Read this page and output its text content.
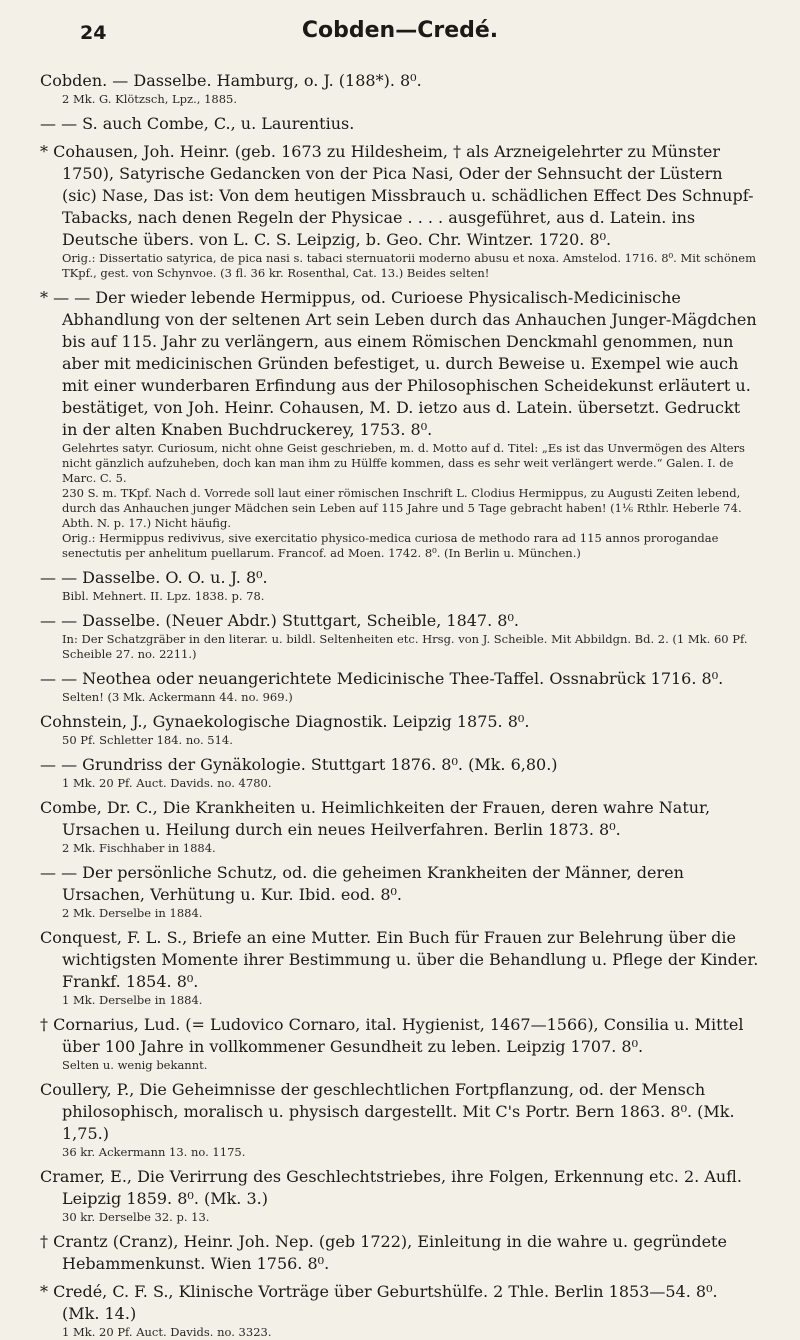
24	Cobden—Credé.
Cobden. — Dasselbe. Hamburg, o. J. (188*). 8⁰.
2 Mk. G. Klötzsch, Lpz., 1885.
— — S. auch Combe, C., u. Laurentius.
* Cohausen, Joh. Heinr. (geb. 1673 zu Hildesheim, † als Arzneigelehrter zu Münster 1750), Satyrische Gedancken von der Pica Nasi, Oder der Sehnsucht der Lüstern (sic) Nase, Das ist: Von dem heutigen Missbrauch u. schädlichen Effect Des Schnupf-Tabacks, nach denen Regeln der Physicae . . . . ausgeführet, aus d. Latein. ins Deutsche übers. von L. C. S. Leipzig, b. Geo. Chr. Wintzer. 1720. 8⁰.
Orig.: Dissertatio satyrica, de pica nasi s. tabaci sternuatorii moderno abusu et noxa. Amstelod. 1716. 8⁰. Mit schönem TKpf., gest. von Schynvoe. (3 fl. 36 kr. Rosenthal, Cat. 13.) Beides selten!
* — — Der wieder lebende Hermippus, od. Curioese Physicalisch-Medicinische Abhandlung von der seltenen Art sein Leben durch das Anhauchen Junger-Mägdchen bis auf 115. Jahr zu verlängern, aus einem Römischen Denckmahl genommen, nun aber mit medicinischen Gründen befestiget, u. durch Beweise u. Exempel wie auch mit einer wunderbaren Erfindung aus der Philosophischen Scheidekunst erläutert u. bestätiget, von Joh. Heinr. Cohausen, M. D. ietzo aus d. Latein. übersetzt. Gedruckt in der alten Knaben Buchdruckerey, 1753. 8⁰.
Gelehrtes satyr. Curiosum, nicht ohne Geist geschrieben, m. d. Motto auf d. Titel: „Es ist das Unvermögen des Alters nicht gänzlich aufzuheben, doch kan man ihm zu Hülffe kommen, dass es sehr weit verlängert werde.“ Galen. I. de Marc. C. 5.
230 S. m. TKpf. Nach d. Vorrede soll laut einer römischen Inschrift L. Clodius Hermippus, zu Augusti Zeiten lebend, durch das Anhauchen junger Mädchen sein Leben auf 115 Jahre und 5 Tage gebracht haben! (1⅙ Rthlr. Heberle 74. Abth. N. p. 17.) Nicht häufig.
Orig.: Hermippus redivivus, sive exercitatio physico-medica curiosa de methodo rara ad 115 annos prorogandae senectutis per anhelitum puellarum. Francof. ad Moen. 1742. 8⁰. (In Berlin u. München.)
— — Dasselbe. O. O. u. J. 8⁰.
Bibl. Mehnert. II. Lpz. 1838. p. 78.
— — Dasselbe. (Neuer Abdr.) Stuttgart, Scheible, 1847. 8⁰.
In: Der Schatzgräber in den literar. u. bildl. Seltenheiten etc. Hrsg. von J. Scheible. Mit Abbildgn. Bd. 2. (1 Mk. 60 Pf. Scheible 27. no. 2211.)
— — Neothea oder neuangerichtete Medicinische Thee-Taffel. Ossnabrück 1716. 8⁰.
Selten! (3 Mk. Ackermann 44. no. 969.)
Cohnstein, J., Gynaekologische Diagnostik. Leipzig 1875. 8⁰.
50 Pf. Schletter 184. no. 514.
— — Grundriss der Gynäkologie. Stuttgart 1876. 8⁰. (Mk. 6,80.)
1 Mk. 20 Pf. Auct. Davids. no. 4780.
Combe, Dr. C., Die Krankheiten u. Heimlichkeiten der Frauen, deren wahre Natur, Ursachen u. Heilung durch ein neues Heilverfahren. Berlin 1873. 8⁰.
2 Mk. Fischhaber in 1884.
— — Der persönliche Schutz, od. die geheimen Krankheiten der Männer, deren Ursachen, Verhütung u. Kur. Ibid. eod. 8⁰.
2 Mk. Derselbe in 1884.
Conquest, F. L. S., Briefe an eine Mutter. Ein Buch für Frauen zur Belehrung über die wichtigsten Momente ihrer Bestimmung u. über die Behandlung u. Pflege der Kinder. Frankf. 1854. 8⁰.
1 Mk. Derselbe in 1884.
† Cornarius, Lud. (= Ludovico Cornaro, ital. Hygienist, 1467—1566), Consilia u. Mittel über 100 Jahre in vollkommener Gesundheit zu leben. Leipzig 1707. 8⁰.
Selten u. wenig bekannt.
Coullery, P., Die Geheimnisse der geschlechtlichen Fortpflanzung, od. der Mensch philosophisch, moralisch u. physisch dargestellt. Mit C's Portr. Bern 1863. 8⁰. (Mk. 1,75.)
36 kr. Ackermann 13. no. 1175.
Cramer, E., Die Verirrung des Geschlechtstriebes, ihre Folgen, Erkennung etc. 2. Aufl. Leipzig 1859. 8⁰. (Mk. 3.)
30 kr. Derselbe 32. p. 13.
† Crantz (Cranz), Heinr. Joh. Nep. (geb 1722), Einleitung in die wahre u. gegründete Hebammenkunst. Wien 1756. 8⁰.
* Credé, C. F. S., Klinische Vorträge über Geburtshülfe. 2 Thle. Berlin 1853—54. 8⁰. (Mk. 14.)
1 Mk. 20 Pf. Auct. Davids. no. 3323.
